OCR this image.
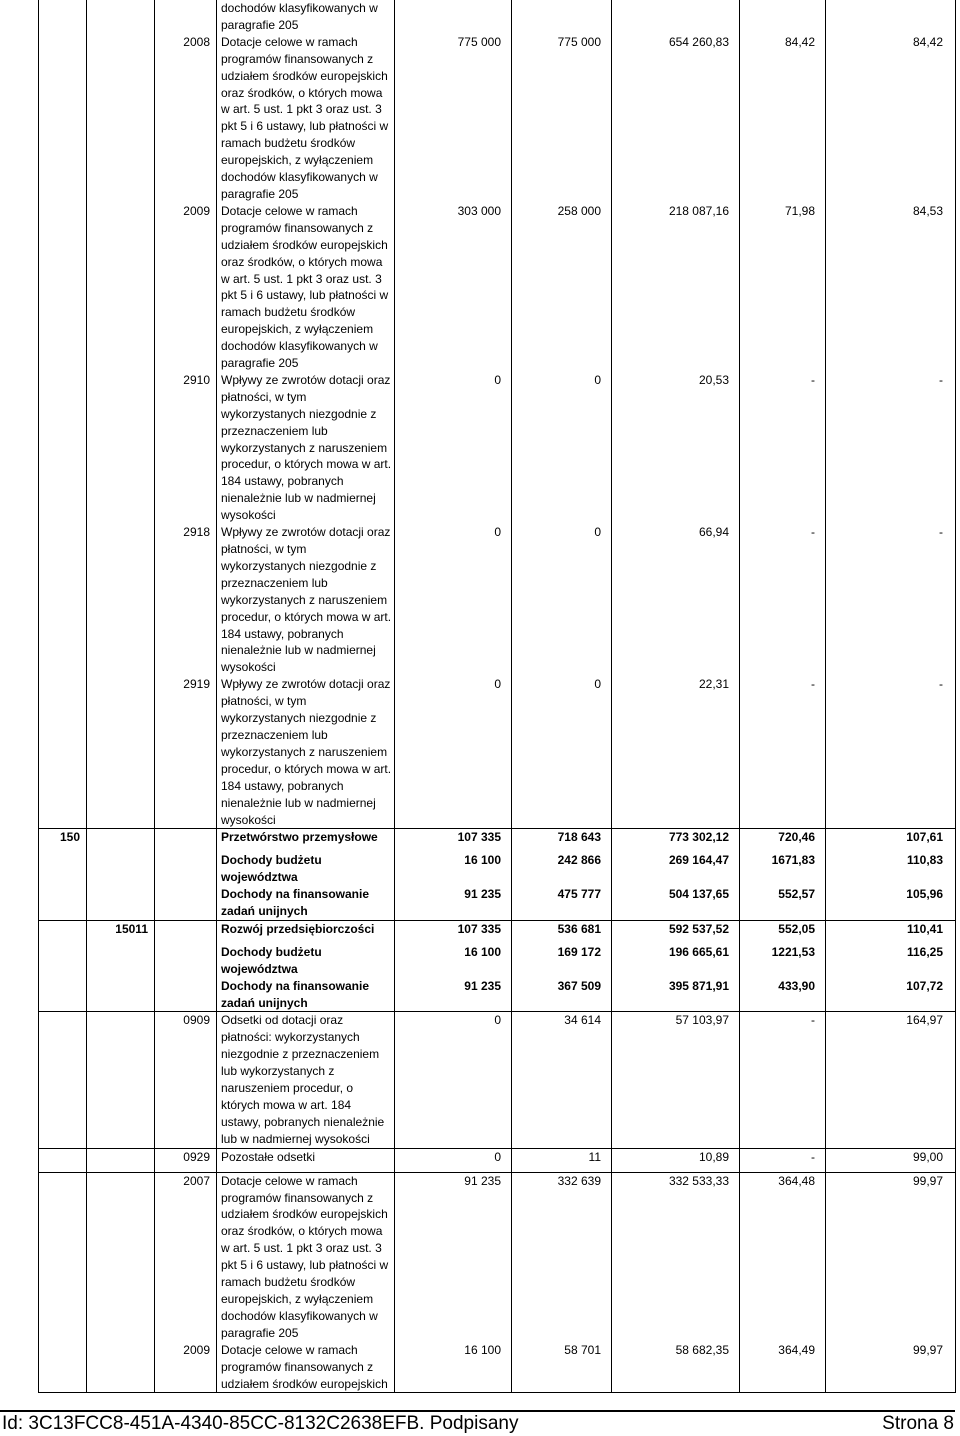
			dochodów klasyfikowanych w paragrafie 205					
		2008	Dotacje celowe w ramach programów finansowanych z udziałem środków europejskich oraz środków, o których mowa w art. 5 ust. 1 pkt 3 oraz ust. 3 pkt 5 i 6 ustawy, lub płatności w ramach budżetu środków europejskich, z wyłączeniem dochodów klasyfikowanych w paragrafie 205	775 000	775 000	654 260,83	84,42	84,42
		2009	Dotacje celowe w ramach programów finansowanych z udziałem środków europejskich oraz środków, o których mowa w art. 5 ust. 1 pkt 3 oraz ust. 3 pkt 5 i 6 ustawy, lub płatności w ramach budżetu środków europejskich, z wyłączeniem dochodów klasyfikowanych w paragrafie 205	303 000	258 000	218 087,16	71,98	84,53
		2910	Wpływy ze zwrotów dotacji oraz płatności, w tym wykorzystanych niezgodnie z przeznaczeniem lub wykorzystanych z naruszeniem procedur, o których mowa w art. 184 ustawy, pobranych nienależnie lub w nadmiernej wysokości	0	0	20,53	-	-
		2918	Wpływy ze zwrotów dotacji oraz płatności, w tym wykorzystanych niezgodnie z przeznaczeniem lub wykorzystanych z naruszeniem procedur, o których mowa w art. 184 ustawy, pobranych nienależnie lub w nadmiernej wysokości	0	0	66,94	-	-
		2919	Wpływy ze zwrotów dotacji oraz płatności, w tym wykorzystanych niezgodnie z przeznaczeniem lub wykorzystanych z naruszeniem procedur, o których mowa w art. 184 ustawy, pobranych nienależnie lub w nadmiernej wysokości	0	0	22,31	-	-
150			Przetwórstwo przemysłowe	107 335	718 643	773 302,12	720,46	107,61

			Dochody budżetu województwa	16 100	242 866	269 164,47	1671,83	110,83
			Dochody na finansowanie zadań unijnych	91 235	475 777	504 137,65	552,57	105,96
	15011		Rozwój przedsiębiorczości	107 335	536 681	592 537,52	552,05	110,41

			Dochody budżetu województwa	16 100	169 172	196 665,61	1221,53	116,25
			Dochody na finansowanie zadań unijnych	91 235	367 509	395 871,91	433,90	107,72
		0909	Odsetki od dotacji oraz płatności: wykorzystanych niezgodnie z przeznaczeniem lub wykorzystanych z naruszeniem procedur, o których mowa w art. 184 ustawy, pobranych nienależnie lub w nadmiernej wysokości	0	34 614	57 103,97	-	164,97
		0929	Pozostałe odsetki	0	11	10,89	-	99,00

		2007	Dotacje celowe w ramach programów finansowanych z udziałem środków europejskich oraz środków, o których mowa w art. 5 ust. 1 pkt 3 oraz ust. 3 pkt 5 i 6 ustawy, lub płatności w ramach budżetu środków europejskich, z wyłączeniem dochodów klasyfikowanych w paragrafie 205	91 235	332 639	332 533,33	364,48	99,97
		2009	Dotacje celowe w ramach programów finansowanych z udziałem środków europejskich	16 100	58 701	58 682,35	364,49	99,97
Id: 3C13FCC8-451A-4340-85CC-8132C2638EFB. Podpisany	Strona 8
